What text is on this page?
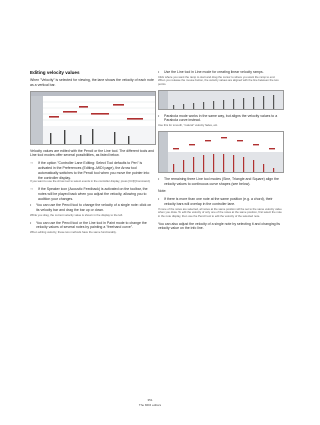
Editing velocity values

When "Velocity" is selected for viewing, the lane shows the velocity of each note as a vertical bar.

Velocity values are edited with the Pencil or the Line tool. The different tools and Line tool modes offer several possibilities, as listed below.

⇒	If the option "Controller Lane Editing: Select Tool defaults to Pen" is activated in the Preferences (Editing–MIDI page), the Arrow tool automatically switches to the Pencil tool when you move the pointer into the controller display.

If you want to use the Arrow tool to select events in the controller display, press [Ctrl]/[Command].

⇒	If the Speaker icon (Acoustic Feedback) is activated on the toolbar, the notes will be played back when you adjust the velocity, allowing you to audition your changes.
•	You can use the Pencil tool to change the velocity of a single note: click on its velocity bar and drag the bar up or down.

While you drag, the current velocity value is shown in the display to the left.

•	You can use the Pencil tool or the Line tool in Paint mode to change the velocity values of several notes by painting a "freehand curve".

When editing velocity, these two methods have the same functionality.

•	Use the Line tool in Line mode for creating linear velocity ramps.

Click where you want the ramp to start and drag the cursor to where you want the ramp to end. When you release the mouse button, the velocity values are aligned with the line between the two points.

•	Parabola mode works in the same way, but aligns the velocity values to a Parabola curve instead.

Use this for smooth, "natural" velocity fades, etc.

•	The remaining three Line tool modes (Sine, Triangle and Square) align the velocity values to continuous curve shapes (see below).

Note:

•	If there is more than one note at the same position (e.g. a chord), their velocity bars will overlap in the controller lane.

If none of the notes are selected, all notes at the same position will be set to the same velocity value when you draw. To edit the velocity of only one of the notes at the same position, first select the note in the note display, then use the Pencil tool to edit the velocity of the selected note.

You can also adjust the velocity of a single note by selecting it and changing its velocity value on the info line.

351
The MIDI editors
